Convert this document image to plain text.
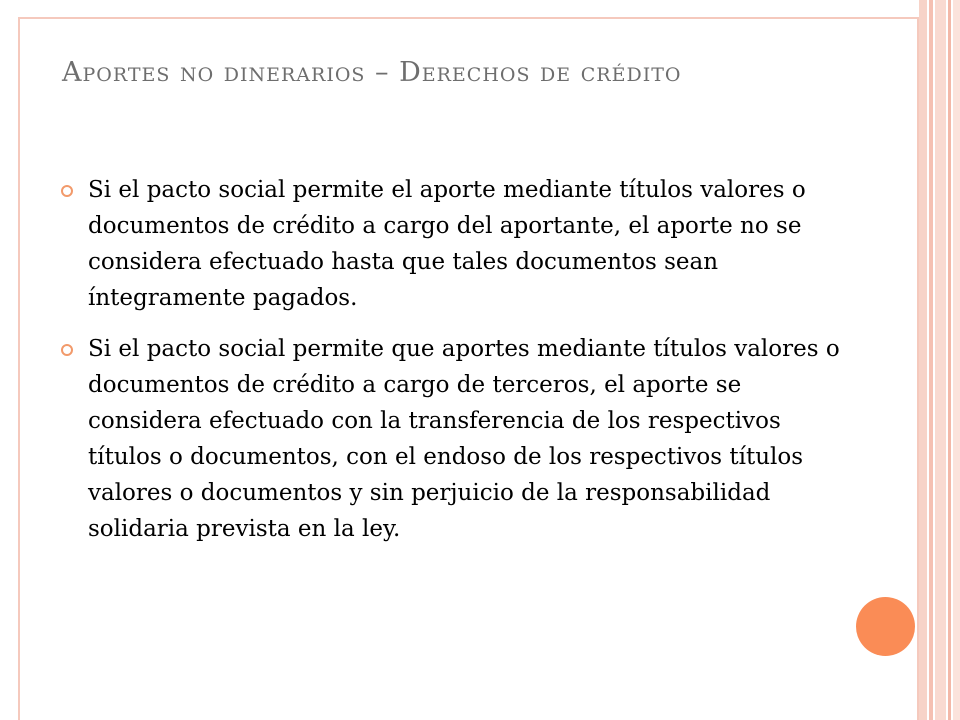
Aportes no dinerarios – Derechos de crédito
Si el pacto social permite el aporte mediante títulos valores o documentos de crédito a cargo del aportante, el aporte no se considera efectuado hasta que tales documentos sean íntegramente pagados.
Si el pacto social permite que aportes mediante títulos valores o documentos de crédito a cargo de terceros, el aporte se considera efectuado con la transferencia de los respectivos títulos o documentos, con el endoso de los respectivos títulos valores o documentos y sin perjuicio de la responsabilidad solidaria prevista en la ley.
